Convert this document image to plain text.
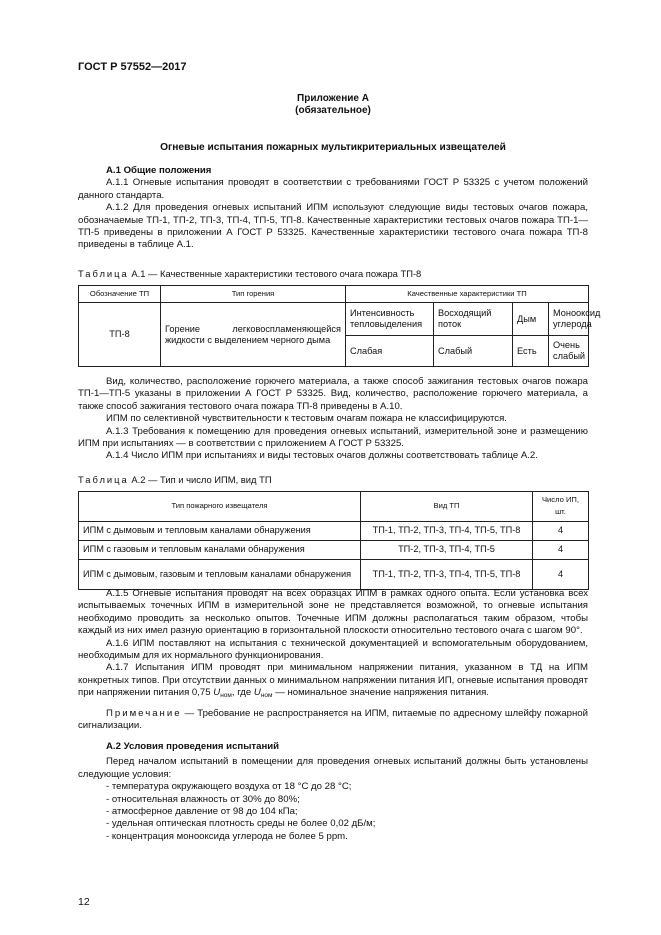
ГОСТ Р 57552—2017
Приложение А
(обязательное)
Огневые испытания пожарных мультикритериальных извещателей
А.1 Общие положения

А.1.1 Огневые испытания проводят в соответствии с требованиями ГОСТ Р 53325 с учетом положений данного стандарта.

А.1.2 Для проведения огневых испытаний ИПМ используют следующие виды тестовых очагов пожара, обозначаемые ТП-1, ТП-2, ТП-3, ТП-4, ТП-5, ТП-8. Качественные характеристики тестовых очагов пожара ТП-1—ТП-5 приведены в приложении А ГОСТ Р 53325. Качественные характеристики тестового очага пожара ТП-8 приведены в таблице А.1.

Таблица А.1 — Качественные характеристики тестового очага пожара ТП-8
Обозначение ТП	Тип горения	Качественные характеристики ТП			
ТП-8	Горение легковоспламеняющейся жидкости с выделением черного дыма	Интенсивность тепловыделения	Восходящий поток	Дым	Монооксид углерода
		Слабая	Слабый	Есть	Очень слабый

Вид, количество, расположение горючего материала, а также способ зажигания тестовых очагов пожара ТП-1—ТП-5 указаны в приложении А ГОСТ Р 53325. Вид, количество, расположение горючего материала, а также способ зажигания тестового очага пожара ТП-8 приведены в А.10.

ИПМ по селективной чувствительности к тестовым очагам пожара не классифицируются.

А.1.3 Требования к помещению для проведения огневых испытаний, измерительной зоне и размещению ИПМ при испытаниях — в соответствии с приложением А ГОСТ Р 53325.

А.1.4 Число ИПМ при испытаниях и виды тестовых очагов должны соответствовать таблице А.2.

Таблица А.2 — Тип и число ИПМ, вид ТП
Тип пожарного извещателя	Вид ТП	Число ИП, шт.
ИПМ с дымовым и тепловым каналами обнаружения	ТП-1, ТП-2, ТП-3, ТП-4, ТП-5, ТП-8	4
ИПМ с газовым и тепловым каналами обнаружения	ТП-2, ТП-3, ТП-4, ТП-5	4
ИПМ с дымовым, газовым и тепловым каналами обнаружения	ТП-1, ТП-2, ТП-3, ТП-4, ТП-5, ТП-8	4

А.1.5 Огневые испытания проводят на всех образцах ИПМ в рамках одного опыта. Если установка всех испытываемых точечных ИПМ в измерительной зоне не представляется возможной, то огневые испытания необходимо проводить за несколько опытов. Точечные ИПМ должны располагаться таким образом, чтобы каждый из них имел разную ориентацию в горизонтальной плоскости относительно тестового очага с шагом 90°.

А.1.6 ИПМ поставляют на испытания с технической документацией и вспомогательным оборудованием, необходимым для их нормального функционирования.

А.1.7 Испытания ИПМ проводят при минимальном напряжении питания, указанном в ТД на ИПМ конкретных типов. При отсутствии данных о минимальном напряжении питания ИП, огневые испытания проводят при напряжении питания 0,75 $U_{ном}$, где $U_{ном}$ — номинальное значение напряжения питания.

Примечание — Требование не распространяется на ИПМ, питаемые по адресному шлейфу пожарной сигнализации.

А.2 Условия проведения испытаний

Перед началом испытаний в помещении для проведения огневых испытаний должны быть установлены следующие условия:

- температура окружающего воздуха от 18 °С до 28 °С;
- относительная влажность от 30% до 80%;
- атмосферное давление от 98 до 104 кПа;
- удельная оптическая плотность среды не более 0,02 дБ/м;
- концентрация монооксида углерода не более 5 ppm.
12
